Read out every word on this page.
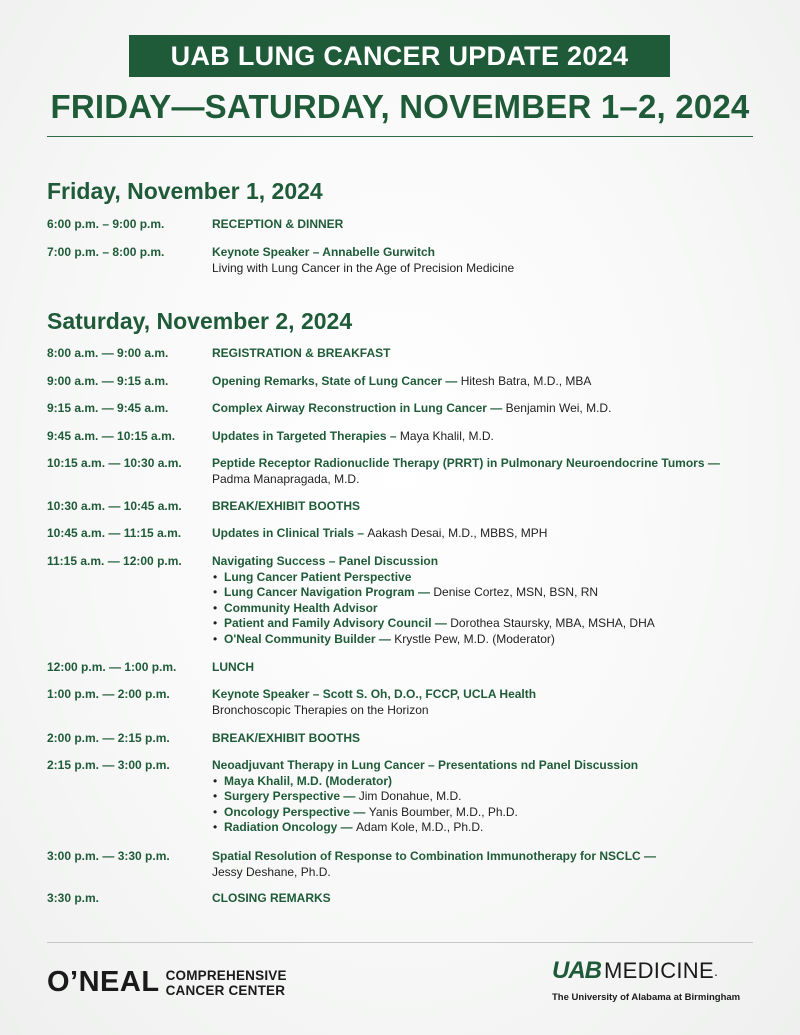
UAB LUNG CANCER UPDATE 2024
FRIDAY—SATURDAY, NOVEMBER 1–2, 2024
Friday, November 1, 2024
6:00 p.m. – 9:00 p.m.	RECEPTION & DINNER
7:00 p.m. – 8:00 p.m.	Keynote Speaker – Annabelle Gurwitch
Living with Lung Cancer in the Age of Precision Medicine
Saturday, November 2, 2024
8:00 a.m. — 9:00 a.m.	REGISTRATION & BREAKFAST
9:00 a.m. — 9:15 a.m.	Opening Remarks, State of Lung Cancer — Hitesh Batra, M.D., MBA
9:15 a.m. — 9:45 a.m.	Complex Airway Reconstruction in Lung Cancer — Benjamin Wei, M.D.
9:45 a.m. — 10:15 a.m.	Updates in Targeted Therapies – Maya Khalil, M.D.
10:15 a.m. — 10:30 a.m.	Peptide Receptor Radionuclide Therapy (PRRT) in Pulmonary Neuroendocrine Tumors —
Padma Manapragada, M.D.
10:30 a.m. — 10:45 a.m.	BREAK/EXHIBIT BOOTHS
10:45 a.m. — 11:15 a.m.	Updates in Clinical Trials – Aakash Desai, M.D., MBBS, MPH
11:15 a.m. — 12:00 p.m.	Navigating Success – Panel Discussion
• Lung Cancer Patient Perspective
• Lung Cancer Navigation Program — Denise Cortez, MSN, BSN, RN
• Community Health Advisor
• Patient and Family Advisory Council — Dorothea Staursky, MBA, MSHA, DHA
• O'Neal Community Builder — Krystle Pew, M.D. (Moderator)
12:00 p.m. — 1:00 p.m.	LUNCH
1:00 p.m. — 2:00 p.m.	Keynote Speaker – Scott S. Oh, D.O., FCCP, UCLA Health
Bronchoscopic Therapies on the Horizon
2:00 p.m. — 2:15 p.m.	BREAK/EXHIBIT BOOTHS
2:15 p.m. — 3:00 p.m.	Neoadjuvant Therapy in Lung Cancer – Presentations nd Panel Discussion
• Maya Khalil, M.D. (Moderator)
• Surgery Perspective — Jim Donahue, M.D.
• Oncology Perspective — Yanis Boumber, M.D., Ph.D.
• Radiation Oncology — Adam Kole, M.D., Ph.D.
3:00 p.m. — 3:30 p.m.	Spatial Resolution of Response to Combination Immunotherapy for NSCLC —
Jessy Deshane, Ph.D.
3:30 p.m.	CLOSING REMARKS
O’NEAL COMPREHENSIVE
CANCER CENTER
UAB MEDICINE .
The University of Alabama at Birmingham
